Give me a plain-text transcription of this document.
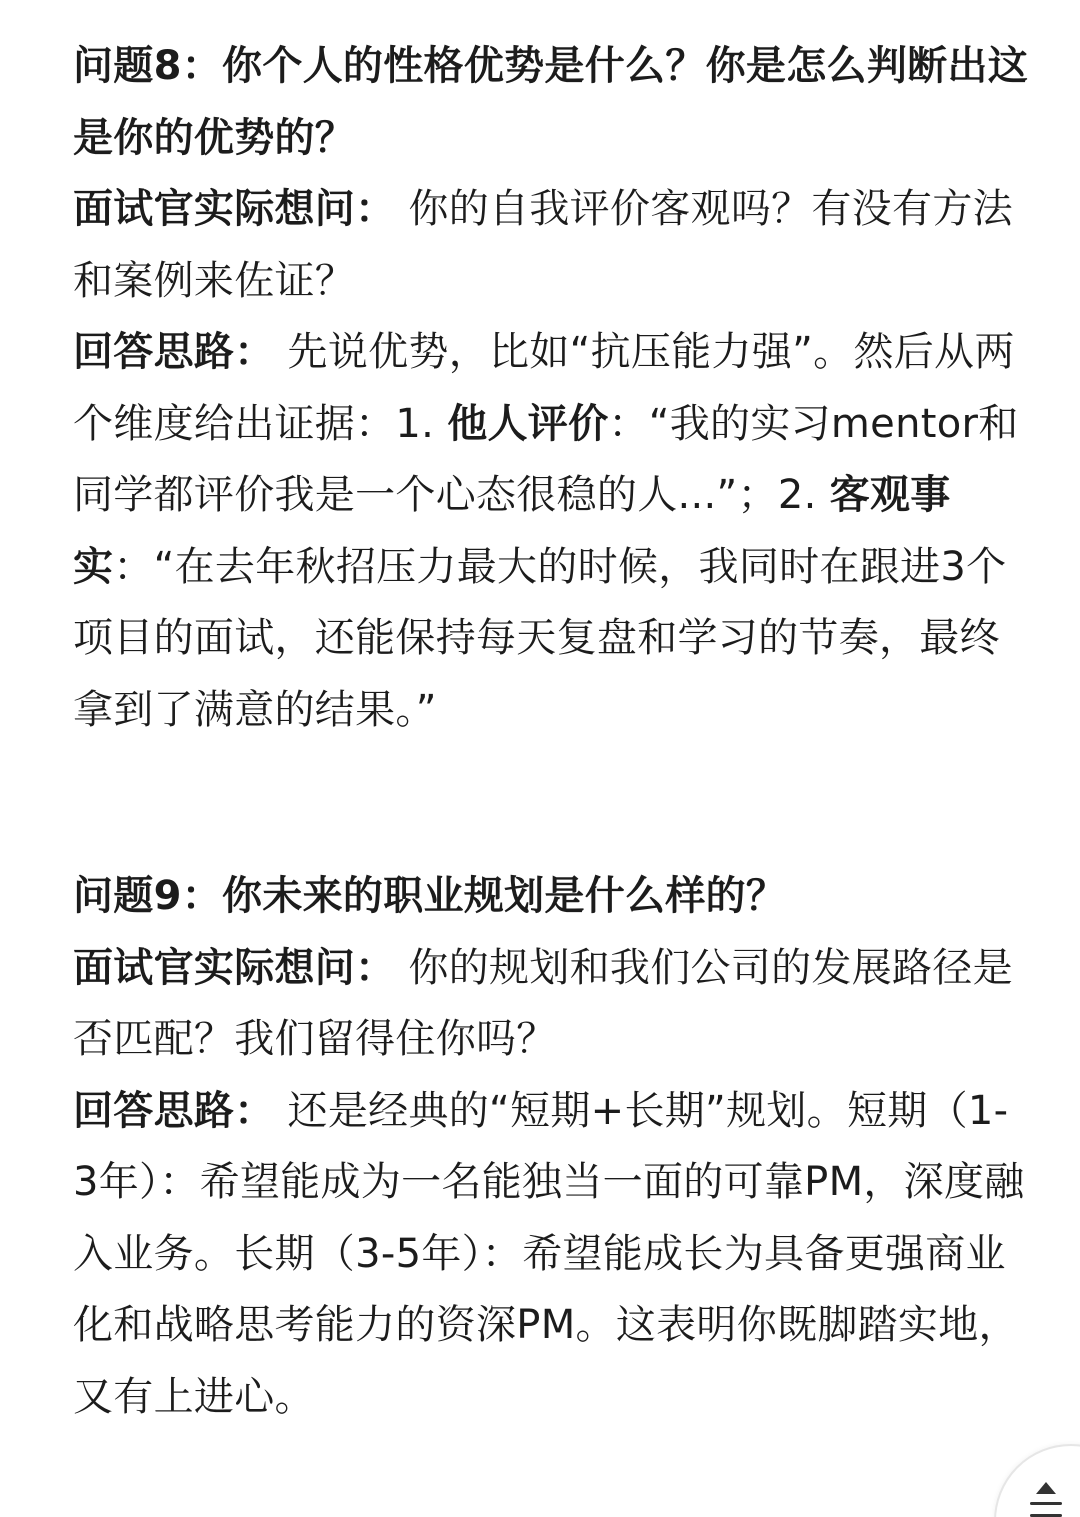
问题8：你个人的性格优势是什么？你是怎么判断出这是你的优势的？

面试官实际想问： 你的自我评价客观吗？有没有方法和案例来佐证？

回答思路： 先说优势，比如“抗压能力强”。然后从两个维度给出证据：1. 他人评价：“我的实习mentor和同学都评价我是一个心态很稳的人...”；2. 客观事实：“在去年秋招压力最大的时候，我同时在跟进3个项目的面试，还能保持每天复盘和学习的节奏，最终拿到了满意的结果。”

问题9：你未来的职业规划是什么样的？

面试官实际想问： 你的规划和我们公司的发展路径是否匹配？我们留得住你吗？

回答思路： 还是经典的“短期+长期”规划。短期（1-3年）：希望能成为一名能独当一面的可靠PM，深度融入业务。长期（3-5年）：希望能成长为具备更强商业化和战略思考能力的资深PM。这表明你既脚踏实地，又有上进心。
